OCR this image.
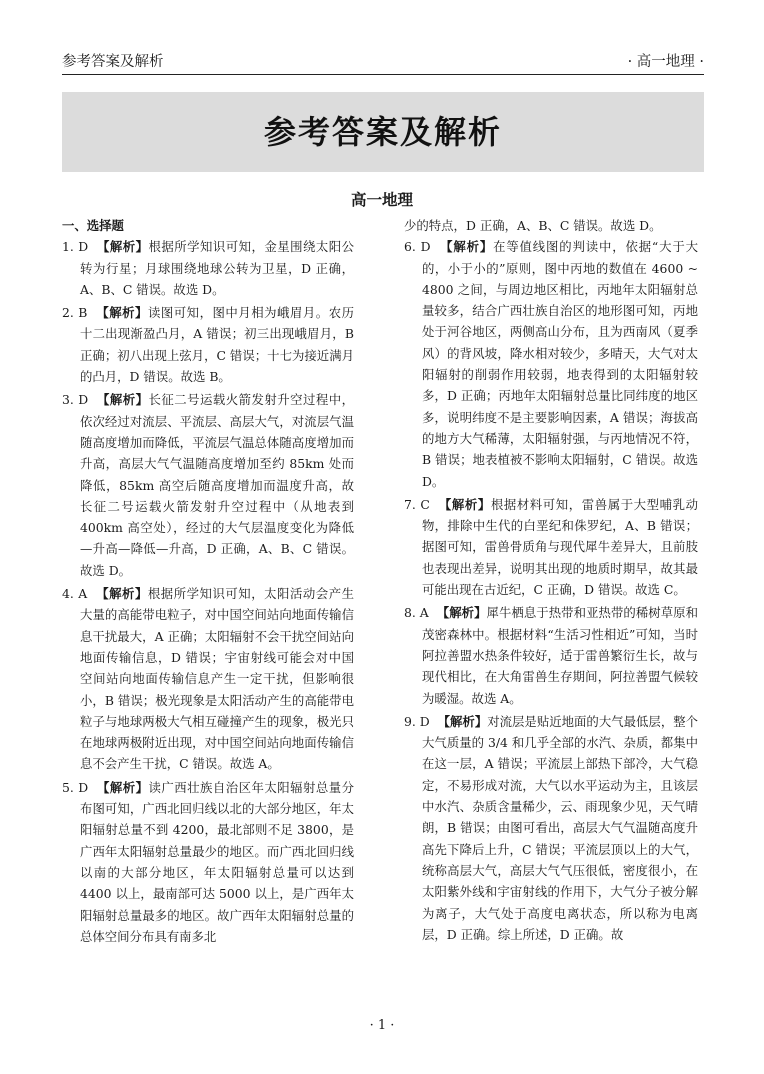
参考答案及解析	· 高一地理 ·
参考答案及解析
高一地理
一、选择题
1. D 【解析】根据所学知识可知，金星围绕太阳公转为行星；月球围绕地球公转为卫星，D 正确，A、B、C 错误。故选 D。
2. B 【解析】读图可知，图中月相为峨眉月。农历十二出现渐盈凸月，A 错误；初三出现峨眉月，B 正确；初八出现上弦月，C 错误；十七为接近满月的凸月，D 错误。故选 B。
3. D 【解析】长征二号运载火箭发射升空过程中，依次经过对流层、平流层、高层大气，对流层气温随高度增加而降低，平流层气温总体随高度增加而升高，高层大气气温随高度增加至约 85km 处而降低，85km 高空后随高度增加而温度升高，故长征二号运载火箭发射升空过程中（从地表到 400km 高空处），经过的大气层温度变化为降低—升高—降低—升高，D 正确，A、B、C 错误。故选 D。
4. A 【解析】根据所学知识可知，太阳活动会产生大量的高能带电粒子，对中国空间站向地面传输信息干扰最大，A 正确；太阳辐射不会干扰空间站向地面传输信息，D 错误；宇宙射线可能会对中国空间站向地面传输信息产生一定干扰，但影响很小，B 错误；极光现象是太阳活动产生的高能带电粒子与地球两极大气相互碰撞产生的现象，极光只在地球两极附近出现，对中国空间站向地面传输信息不会产生干扰，C 错误。故选 A。
5. D 【解析】读广西壮族自治区年太阳辐射总量分布图可知，广西北回归线以北的大部分地区，年太阳辐射总量不到 4200，最北部则不足 3800，是广西年太阳辐射总量最少的地区。而广西北回归线以南的大部分地区，年太阳辐射总量可以达到 4400 以上，最南部可达 5000 以上，是广西年太阳辐射总量最多的地区。故广西年太阳辐射总量的总体空间分布具有南多北
少的特点，D 正确，A、B、C 错误。故选 D。
6. D 【解析】在等值线图的判读中，依据“大于大的，小于小的”原则，图中丙地的数值在 4600 ~ 4800 之间，与周边地区相比，丙地年太阳辐射总量较多，结合广西壮族自治区的地形图可知，丙地处于河谷地区，两侧高山分布，且为西南风（夏季风）的背风坡，降水相对较少，多晴天，大气对太阳辐射的削弱作用较弱，地表得到的太阳辐射较多，D 正确；丙地年太阳辐射总量比同纬度的地区多，说明纬度不是主要影响因素，A 错误；海拔高的地方大气稀薄，太阳辐射强，与丙地情况不符，B 错误；地表植被不影响太阳辐射，C 错误。故选 D。
7. C 【解析】根据材料可知，雷兽属于大型哺乳动物，排除中生代的白垩纪和侏罗纪，A、B 错误；据图可知，雷兽骨质角与现代犀牛差异大，且前肢也表现出差异，说明其出现的地质时期早，故其最可能出现在古近纪，C 正确，D 错误。故选 C。
8. A 【解析】犀牛栖息于热带和亚热带的稀树草原和茂密森林中。根据材料“生活习性相近”可知，当时阿拉善盟水热条件较好，适于雷兽繁衍生长，故与现代相比，在大角雷兽生存期间，阿拉善盟气候较为暖湿。故选 A。
9. D 【解析】对流层是贴近地面的大气最低层，整个大气质量的 3/4 和几乎全部的水汽、杂质，都集中在这一层，A 错误；平流层上部热下部冷，大气稳定，不易形成对流，大气以水平运动为主，且该层中水汽、杂质含量稀少，云、雨现象少见，天气晴朗，B 错误；由图可看出，高层大气气温随高度升高先下降后上升，C 错误；平流层顶以上的大气，统称高层大气，高层大气气压很低，密度很小，在太阳紫外线和宇宙射线的作用下，大气分子被分解为离子，大气处于高度电离状态，所以称为电离层，D 正确。综上所述，D 正确。故
· 1 ·
